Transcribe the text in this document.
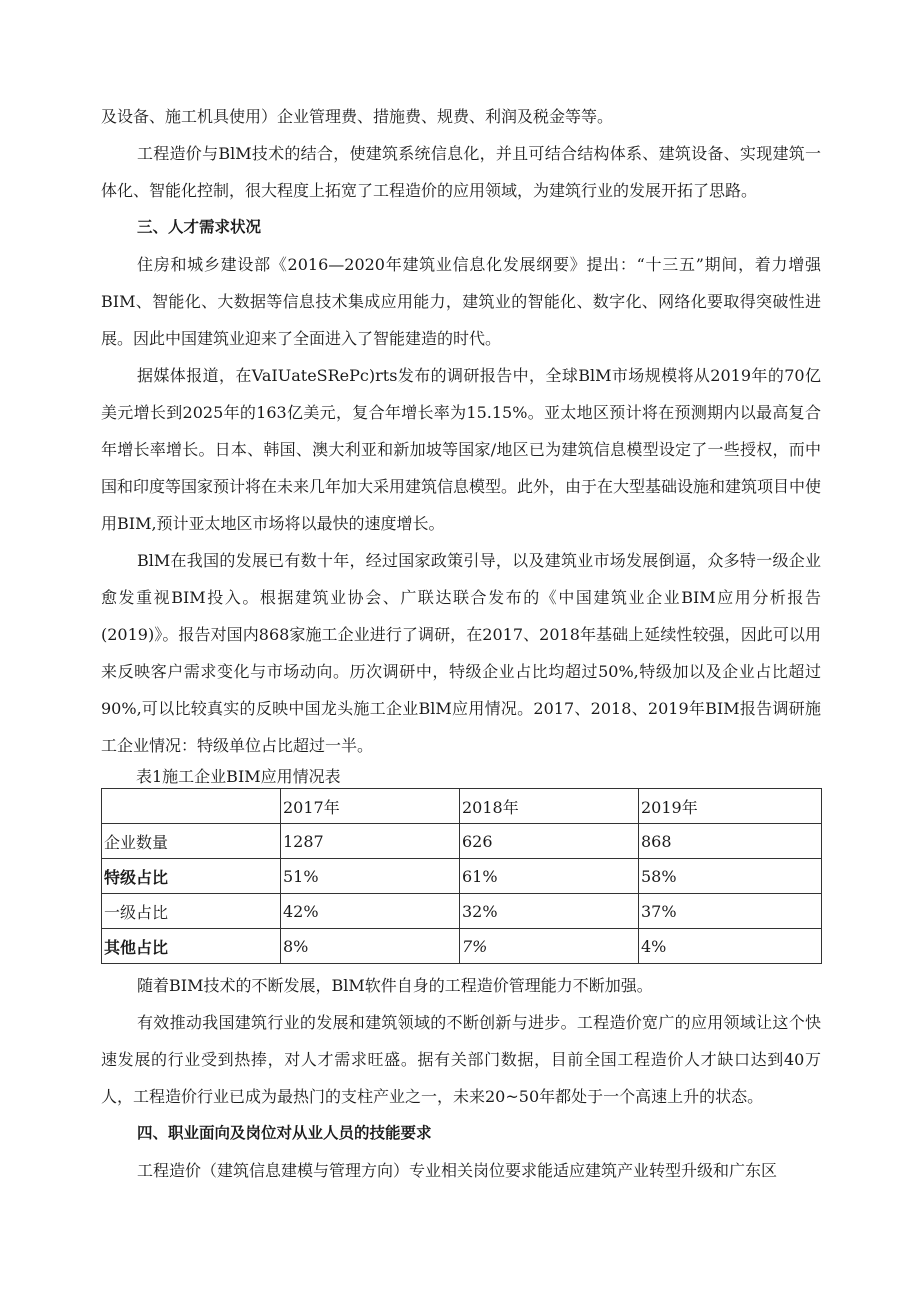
及设备、施工机具使用）企业管理费、措施费、规费、利润及税金等等。

工程造价与BlM技术的结合，使建筑系统信息化，并且可结合结构体系、建筑设备、实现建筑一体化、智能化控制，很大程度上拓宽了工程造价的应用领域，为建筑行业的发展开拓了思路。

三、人才需求状况

住房和城乡建设部《2016—2020年建筑业信息化发展纲要》提出：“十三五”期间，着力增强BIM、智能化、大数据等信息技术集成应用能力，建筑业的智能化、数字化、网络化要取得突破性进展。因此中国建筑业迎来了全面进入了智能建造的时代。

据媒体报道，在VaIUateSRePc)rts发布的调研报告中，全球BlM市场规模将从2019年的70亿美元增长到2025年的163亿美元，复合年增长率为15.15%。亚太地区预计将在预测期内以最高复合年增长率增长。日本、韩国、澳大利亚和新加坡等国家/地区已为建筑信息模型设定了一些授权，而中国和印度等国家预计将在未来几年加大采用建筑信息模型。此外，由于在大型基础设施和建筑项目中使用BIM,预计亚太地区市场将以最快的速度增长。

BlM在我国的发展已有数十年，经过国家政策引导，以及建筑业市场发展倒逼，众多特一级企业愈发重视BIM投入。根据建筑业协会、广联达联合发布的《中国建筑业企业BIM应用分析报告(2019)》。报告对国内868家施工企业进行了调研，在2017、2018年基础上延续性较强，因此可以用来反映客户需求变化与市场动向。历次调研中，特级企业占比均超过50%,特级加以及企业占比超过90%,可以比较真实的反映中国龙头施工企业BlM应用情况。2017、2018、2019年BIM报告调研施工企业情况：特级单位占比超过一半。

表1施工企业BIM应用情况表
	2017年	2018年	2019年
企业数量	1287	626	868
特级占比	51%	61%	58%
一级占比	42%	32%	37%
其他占比	8%	7%	4%

随着BIM技术的不断发展，BlM软件自身的工程造价管理能力不断加强。

有效推动我国建筑行业的发展和建筑领域的不断创新与进步。工程造价宽广的应用领域让这个快速发展的行业受到热捧，对人才需求旺盛。据有关部门数据，目前全国工程造价人才缺口达到40万人，工程造价行业已成为最热门的支柱产业之一，未来20~50年都处于一个高速上升的状态。

四、职业面向及岗位对从业人员的技能要求

工程造价（建筑信息建模与管理方向）专业相关岗位要求能适应建筑产业转型升级和广东区
